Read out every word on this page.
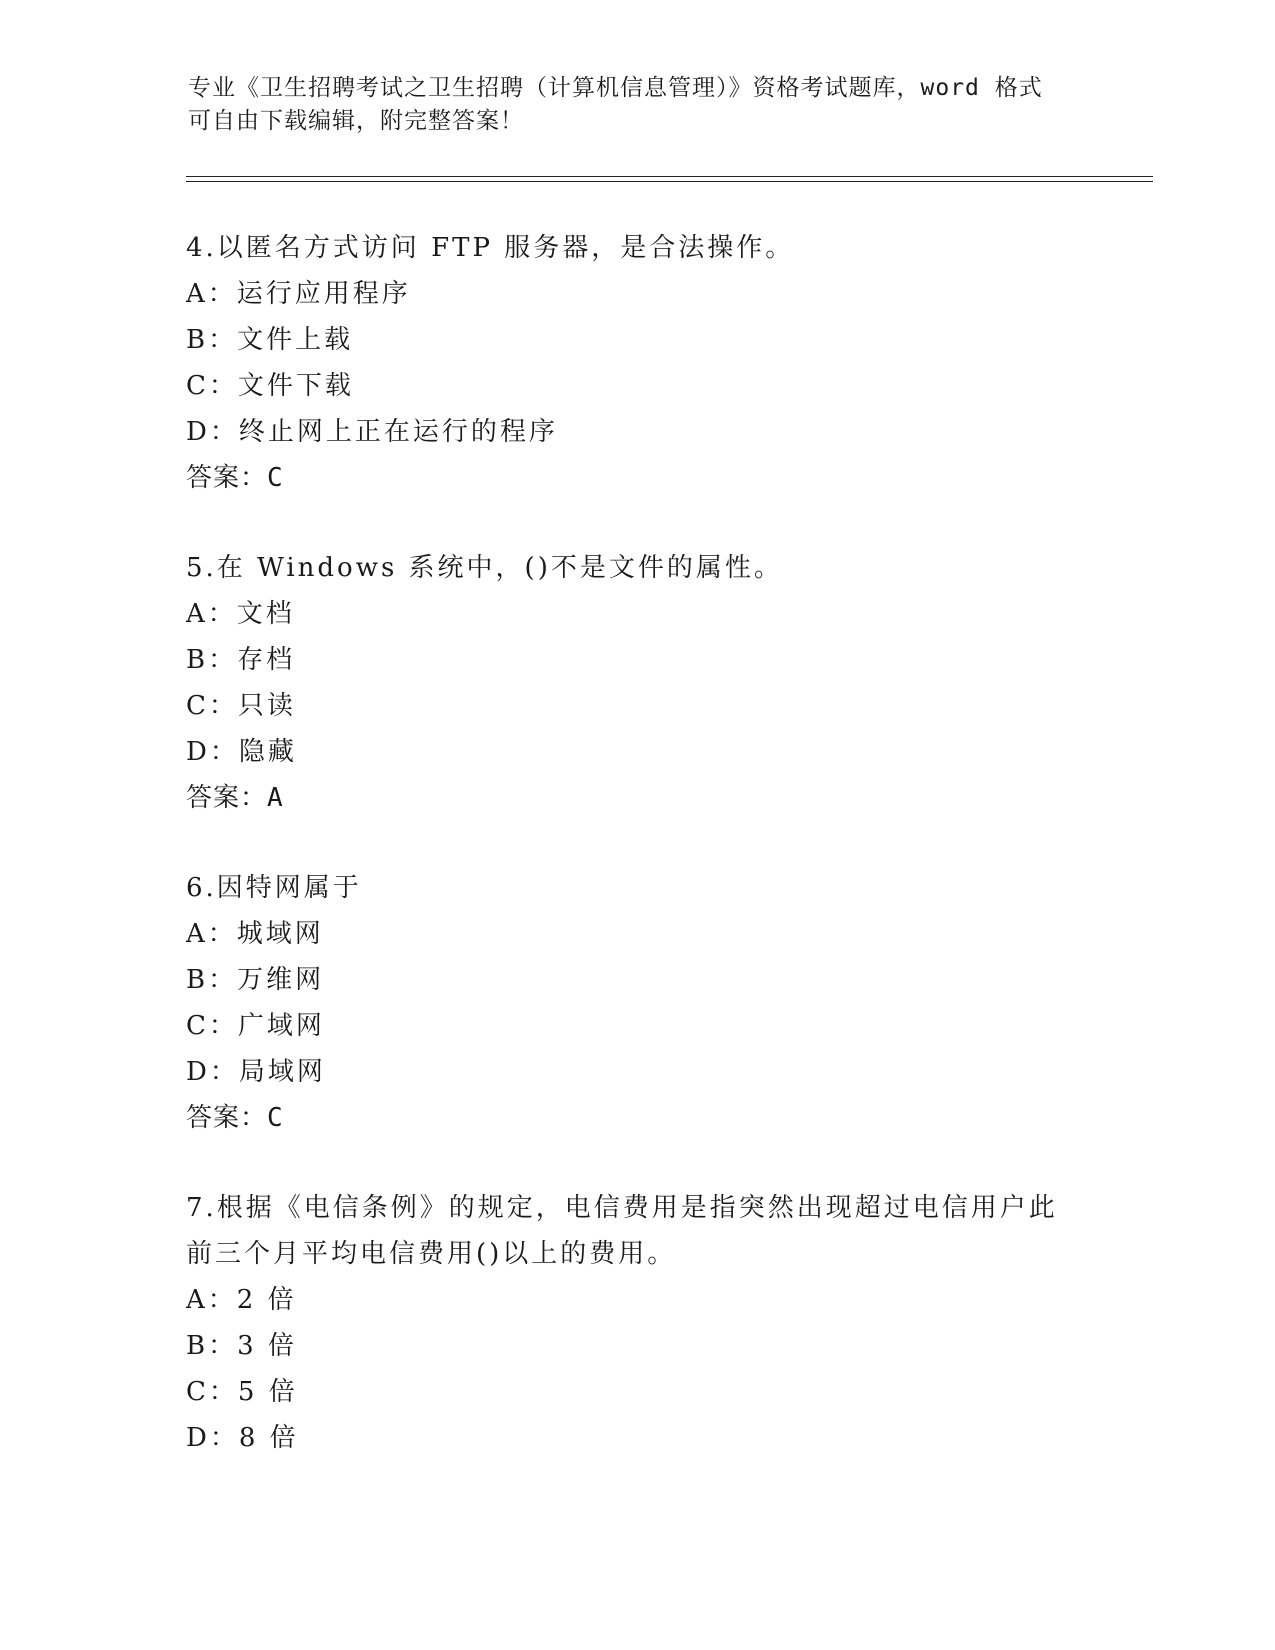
专业《卫生招聘考试之卫生招聘（计算机信息管理）》资格考试题库，word 格式
可自由下载编辑，附完整答案！
4.以匿名方式访问 FTP 服务器，是合法操作。
A：运行应用程序
B：文件上载
C：文件下载
D：终止网上正在运行的程序
答案：C
5.在 Windows 系统中，()不是文件的属性。
A：文档
B：存档
C：只读
D：隐藏
答案：A
6.因特网属于
A：城域网
B：万维网
C：广域网
D：局域网
答案：C
7.根据《电信条例》的规定，电信费用是指突然出现超过电信用户此
前三个月平均电信费用()以上的费用。
A：2 倍
B：3 倍
C：5 倍
D：8 倍
